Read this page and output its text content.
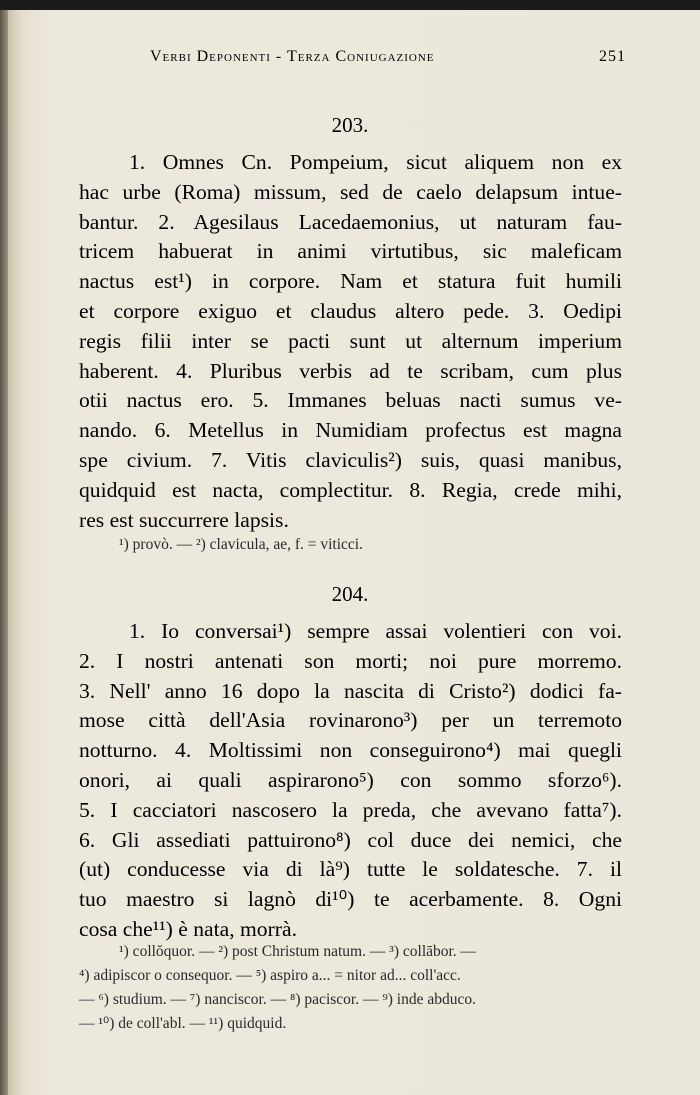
Verbi Deponenti - Terza Coniugazione	251
203.
1. Omnes Cn. Pompeium, sicut aliquem non ex
hac urbe (Roma) missum, sed de caelo delapsum intue-
bantur. 2. Agesilaus Lacedaemonius, ut naturam fau-
tricem habuerat in animi virtutibus, sic maleficam
nactus est¹) in corpore. Nam et statura fuit humili
et corpore exiguo et claudus altero pede. 3. Oedipi
regis filii inter se pacti sunt ut alternum imperium
haberent. 4. Pluribus verbis ad te scribam, cum plus
otii nactus ero. 5. Immanes beluas nacti sumus ve-
nando. 6. Metellus in Numidiam profectus est magna
spe civium. 7. Vitis claviculis²) suis, quasi manibus,
quidquid est nacta, complectitur. 8. Regia, crede mihi,
res est succurrere lapsis.
¹) provò. — ²) clavicula, ae, f. = viticci.
204.
1. Io conversai¹) sempre assai volentieri con voi.
2. I nostri antenati son morti; noi pure morremo.
3. Nell' anno 16 dopo la nascita di Cristo²) dodici fa-
mose città dell'Asia rovinarono³) per un terremoto
notturno. 4. Moltissimi non conseguirono⁴) mai quegli
onori, ai quali aspirarono⁵) con sommo sforzo⁶).
5. I cacciatori nascosero la preda, che avevano fatta⁷).
6. Gli assediati pattuirono⁸) col duce dei nemici, che
(ut) conducesse via di là⁹) tutte le soldatesche. 7. il
tuo maestro si lagnò di¹⁰) te acerbamente. 8. Ogni
cosa che¹¹) è nata, morrà.
¹) collŏquor. — ²) post Christum natum. — ³) collābor. —
⁴) adipiscor o consequor. — ⁵) aspiro a... = nitor ad... coll'acc.
— ⁶) studium. — ⁷) nanciscor. — ⁸) paciscor. — ⁹) inde abduco.
— ¹⁰) de coll'abl. — ¹¹) quidquid.
